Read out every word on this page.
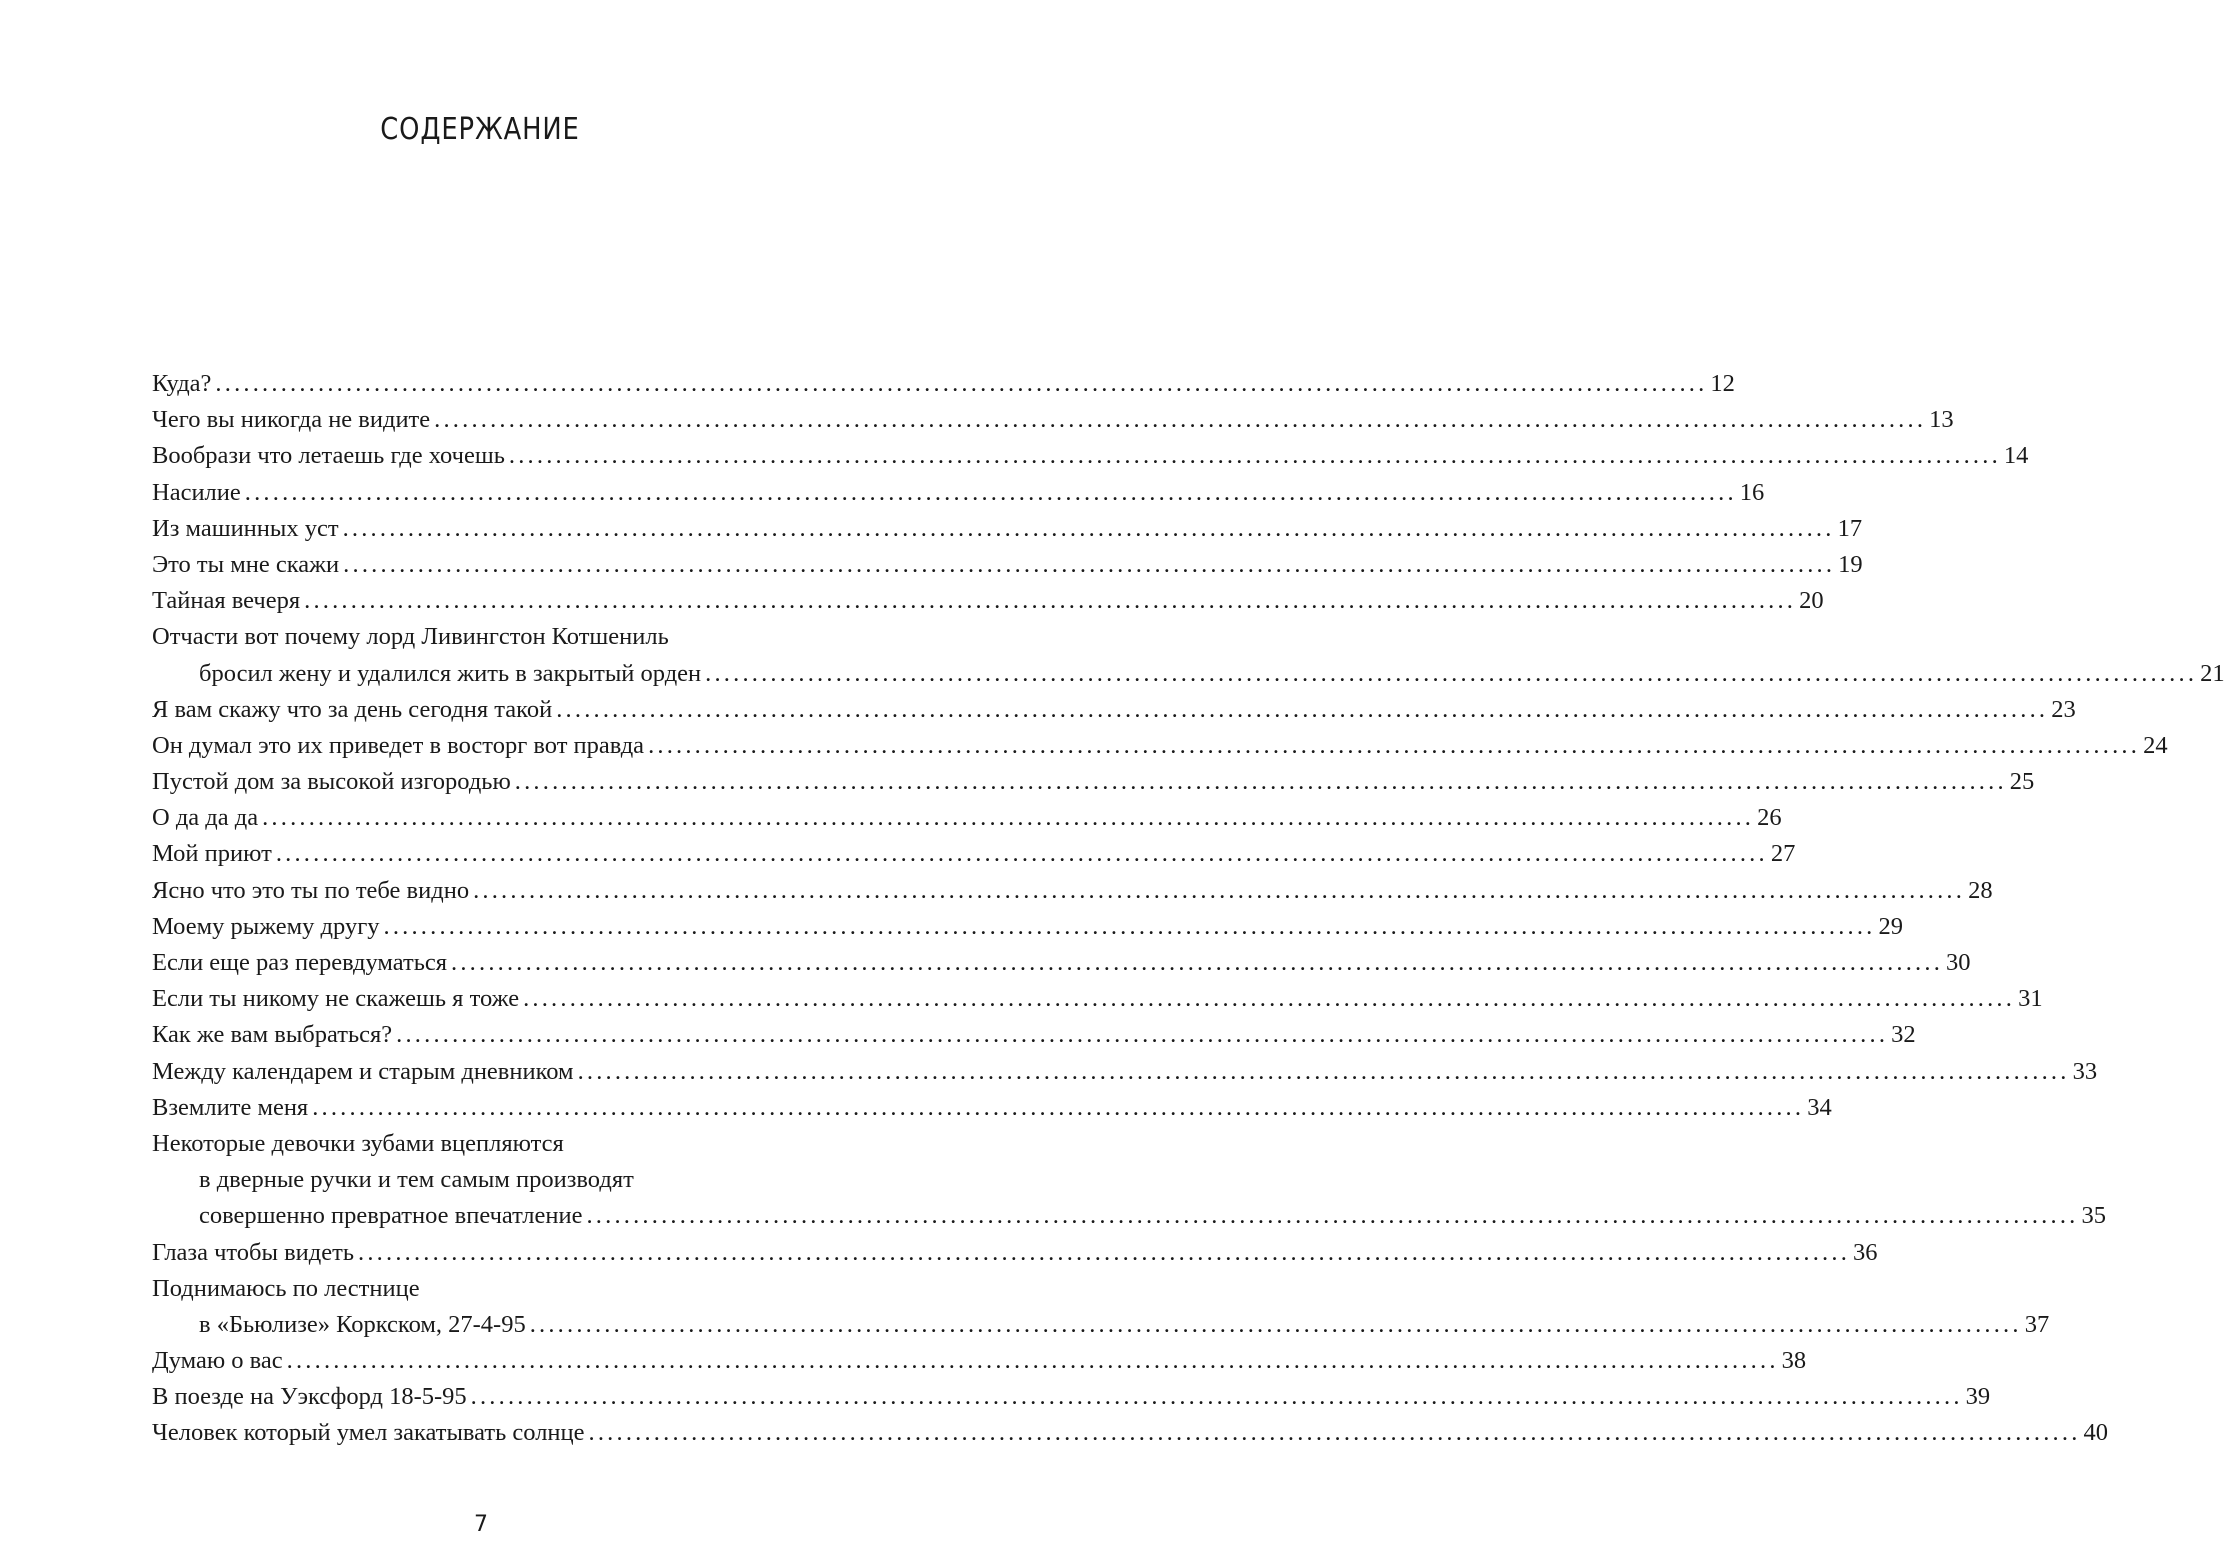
СОДЕРЖАНИЕ
Куда? ................................................................................................................................................................ 12
Чего вы никогда не видите ................................................................................................................................................................ 13
Вообрази что летаешь где хочешь ................................................................................................................................................................ 14
Насилие ................................................................................................................................................................ 16
Из машинных уст ................................................................................................................................................................ 17
Это ты мне скажи ................................................................................................................................................................ 19
Тайная вечеря ................................................................................................................................................................ 20
Отчасти вот почему лорд Ливингстон Котшениль
бросил жену и удалился жить в закрытый орден ................................................................................................................................................................ 21
Я вам скажу что за день сегодня такой ................................................................................................................................................................ 23
Он думал это их приведет в восторг вот правда ................................................................................................................................................................ 24
Пустой дом за высокой изгородью ................................................................................................................................................................ 25
О да да да ................................................................................................................................................................ 26
Мой приют ................................................................................................................................................................ 27
Ясно что это ты по тебе видно ................................................................................................................................................................ 28
Моему рыжему другу ................................................................................................................................................................ 29
Если еще раз перевдуматься ................................................................................................................................................................ 30
Если ты никому не скажешь я тоже ................................................................................................................................................................ 31
Как же вам выбраться? ................................................................................................................................................................ 32
Между календарем и старым дневником ................................................................................................................................................................ 33
Вземлите меня ................................................................................................................................................................ 34
Некоторые девочки зубами вцепляются
в дверные ручки и тем самым производят
совершенно превратное впечатление ................................................................................................................................................................ 35
Глаза чтобы видеть ................................................................................................................................................................ 36
Поднимаюсь по лестнице
в «Бьюлизе» Коркском, 27-4-95 ................................................................................................................................................................ 37
Думаю о вас ................................................................................................................................................................ 38
В поезде на Уэксфорд 18-5-95 ................................................................................................................................................................ 39
Человек который умел закатывать солнце ................................................................................................................................................................ 40
7
